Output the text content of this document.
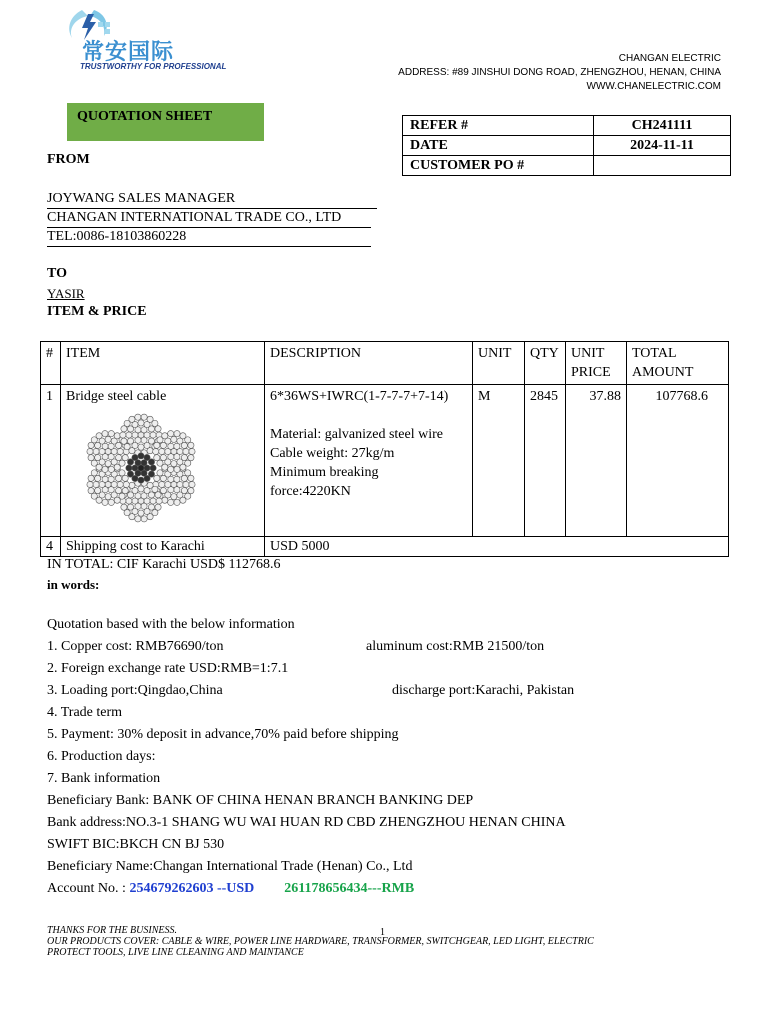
常安国际
TRUSTWORTHY FOR PROFESSIONAL
CHANGAN ELECTRIC
ADDRESS: #89 JINSHUI DONG ROAD, ZHENGZHOU, HENAN, CHINA
WWW.CHANELECTRIC.COM
QUOTATION SHEET
REFER #	CH241111
DATE	2024-11-11
CUSTOMER PO #	
FROM
JOYWANG SALES MANAGER
CHANGAN INTERNATIONAL TRADE CO., LTD
TEL:0086-18103860228
TO
YASIR
ITEM & PRICE
#	ITEM	DESCRIPTION	UNIT	QTY	UNIT PRICE	TOTAL AMOUNT
1	Bridge steel cable	6*36WS+IWRC(1-7-7-7+7-14)
Material: galvanized steel wire
Cable weight: 27kg/m
Minimum breaking
force:4220KN	M	2845	37.88	107768.6
4	Shipping cost to Karachi	USD 5000				
IN TOTAL: CIF Karachi USD$ 112768.6
in words:
Quotation based with the below information
1. Copper cost: RMB76690/ton	aluminum cost:RMB 21500/ton
2. Foreign exchange rate USD:RMB=1:7.1
3. Loading port:Qingdao,China	discharge port:Karachi, Pakistan
4. Trade term
5. Payment: 30% deposit in advance,70% paid before shipping
6. Production days:
7. Bank information
Beneficiary Bank: BANK OF CHINA HENAN BRANCH BANKING DEP
Bank address:NO.3-1 SHANG WU WAI HUAN RD CBD ZHENGZHOU HENAN CHINA
SWIFT BIC:BKCH CN BJ 530
Beneficiary Name:Changan International Trade (Henan) Co., Ltd
Account No. : 254679262603 --USD 261178656434---RMB
THANKS FOR THE BUSINESS.
OUR PRODUCTS COVER: CABLE & WIRE, POWER LINE HARDWARE, TRANSFORMER, SWITCHGEAR, LED LIGHT, ELECTRIC
PROTECT TOOLS, LIVE LINE CLEANING AND MAINTANCE
1
